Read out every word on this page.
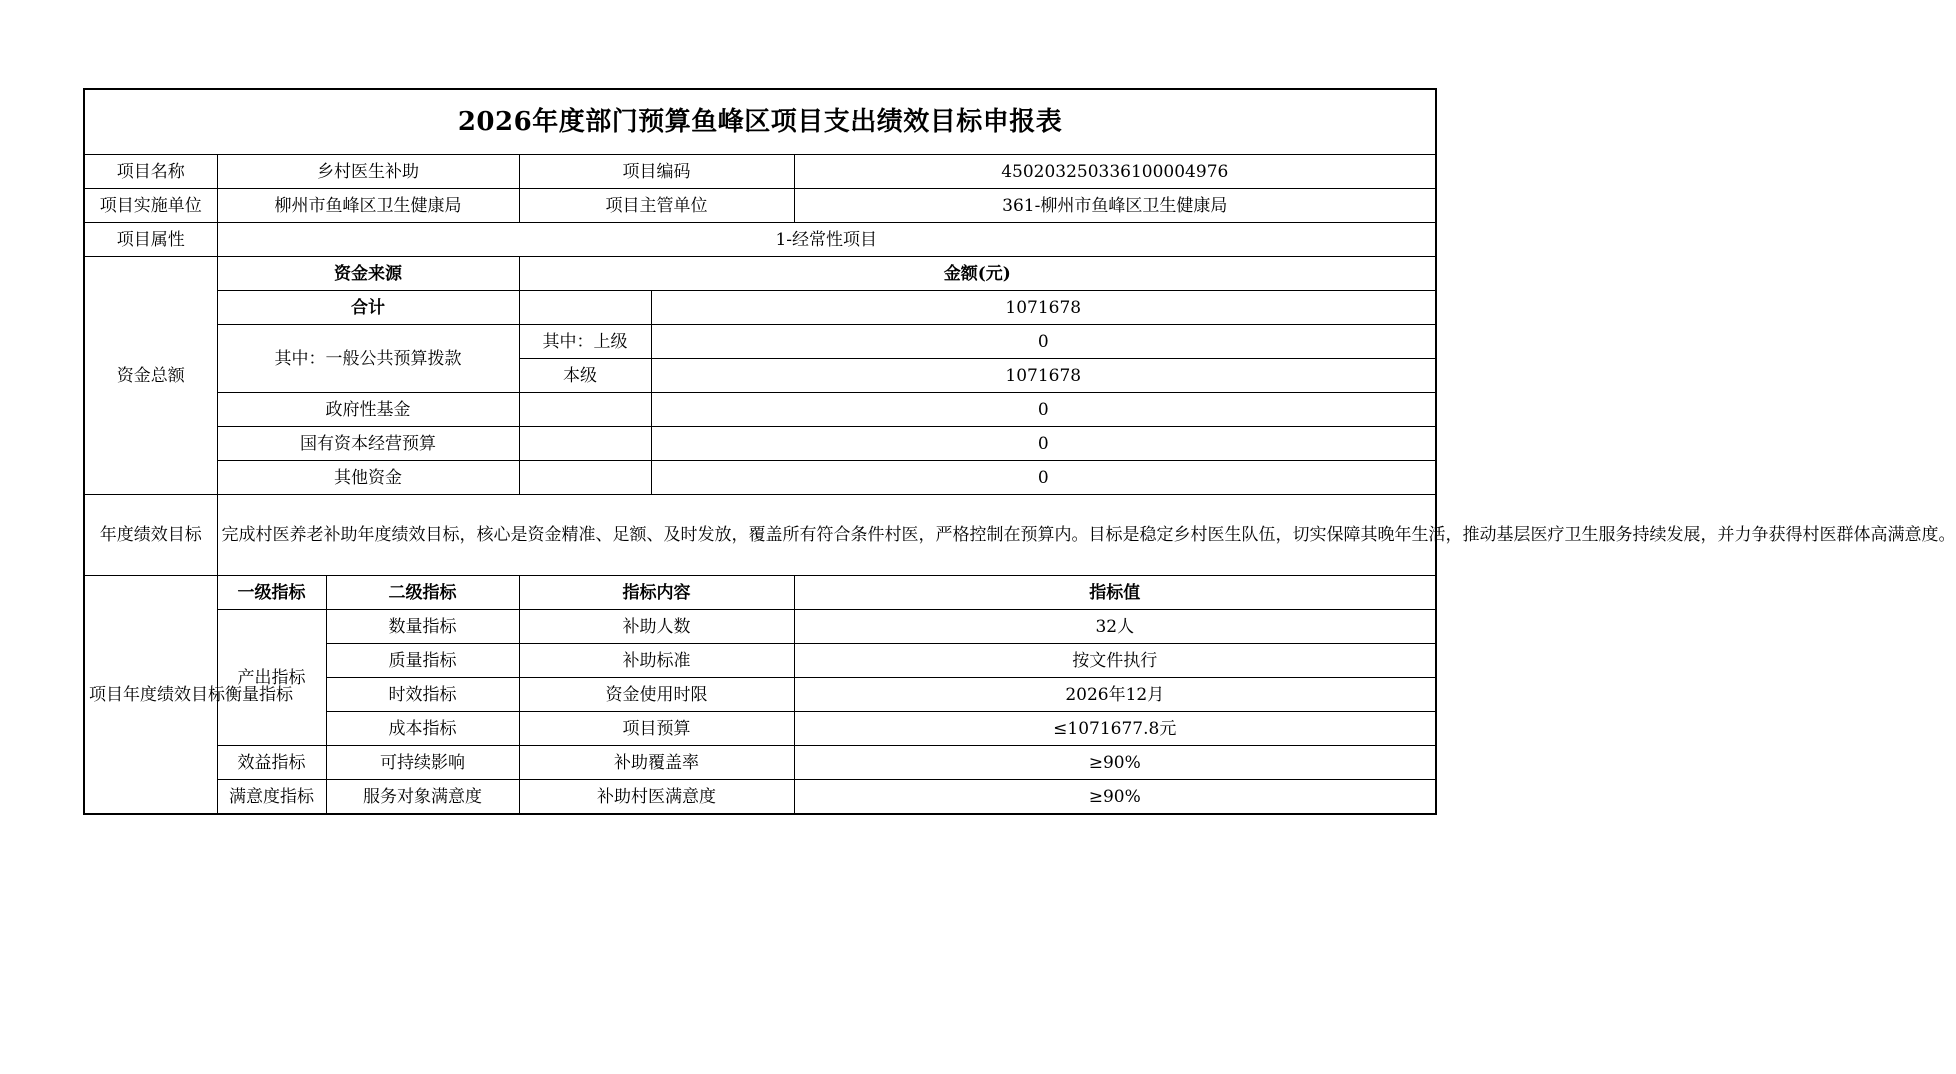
2026年度部门预算鱼峰区项目支出绩效目标申报表					
项目名称	乡村医生补助		项目编码		450203250336100004976
项目实施单位	柳州市鱼峰区卫生健康局		项目主管单位		361-柳州市鱼峰区卫生健康局
项目属性	1-经常性项目				
资金总额	资金来源		金额(元)		
	合计			1071678	
	其中：一般公共预算拨款		其中：上级	0	
			本级	1071678	
	政府性基金			0	
	国有资本经营预算			0	
	其他资金			0	
年度绩效目标	完成村医养老补助年度绩效目标，核心是资金精准、足额、及时发放，覆盖所有符合条件村医，严格控制在预算内。目标是稳定乡村医生队伍，切实保障其晚年生活，推动基层医疗卫生服务持续发展，并力争获得村医群体高满意度。				
项目年度绩效目标衡量指标	一级指标	二级指标	指标内容		指标值
	产出指标	数量指标	补助人数		32人
		质量指标	补助标准		按文件执行
		时效指标	资金使用时限		2026年12月
		成本指标	项目预算		≤1071677.8元
	效益指标	可持续影响	补助覆盖率		≥90%
	满意度指标	服务对象满意度	补助村医满意度		≥90%
